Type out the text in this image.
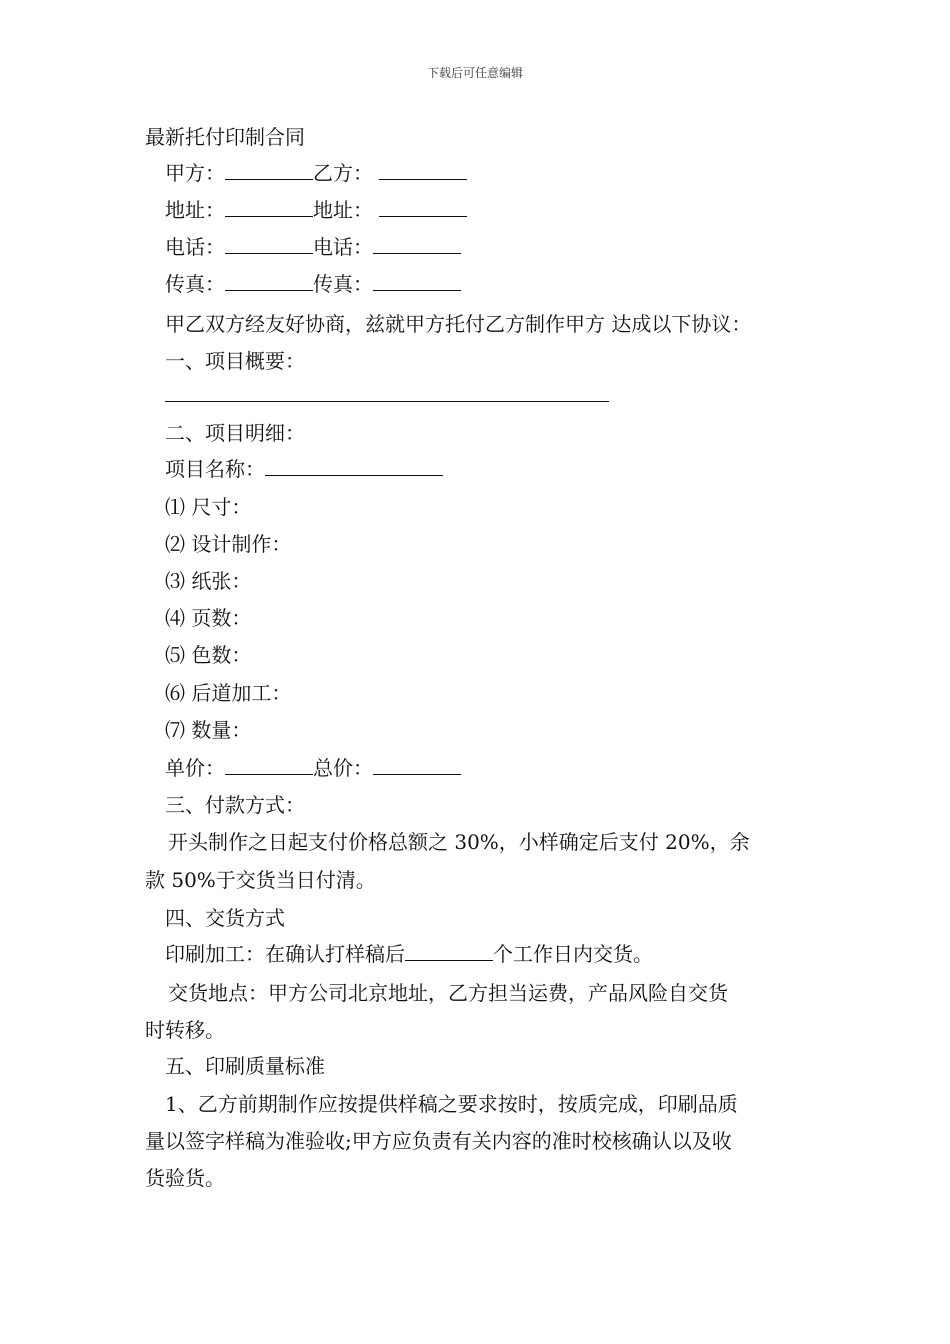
下载后可任意编辑
最新托付印制合同
甲方：	乙方：
地址：	地址：
电话：	电话：
传真：	传真：
甲乙双方经友好协商，兹就甲方托付乙方制作甲方 达成以下协议：
一、项目概要：
二、项目明细：
项目名称：
⑴ 尺寸：
⑵ 设计制作：
⑶ 纸张：
⑷ 页数：
⑸ 色数：
⑹ 后道加工：
⑺ 数量：
单价：	总价：
三、付款方式：
开头制作之日起支付价格总额之 30%，小样确定后支付 20%，余
款 50%于交货当日付清。
四、交货方式
印刷加工：在确认打样稿后	个工作日内交货。
交货地点：甲方公司北京地址，乙方担当运费，产品风险自交货
时转移。
五、印刷质量标准
1、乙方前期制作应按提供样稿之要求按时，按质完成，印刷品质
量以签字样稿为准验收;甲方应负责有关内容的准时校核确认以及收
货验货。
